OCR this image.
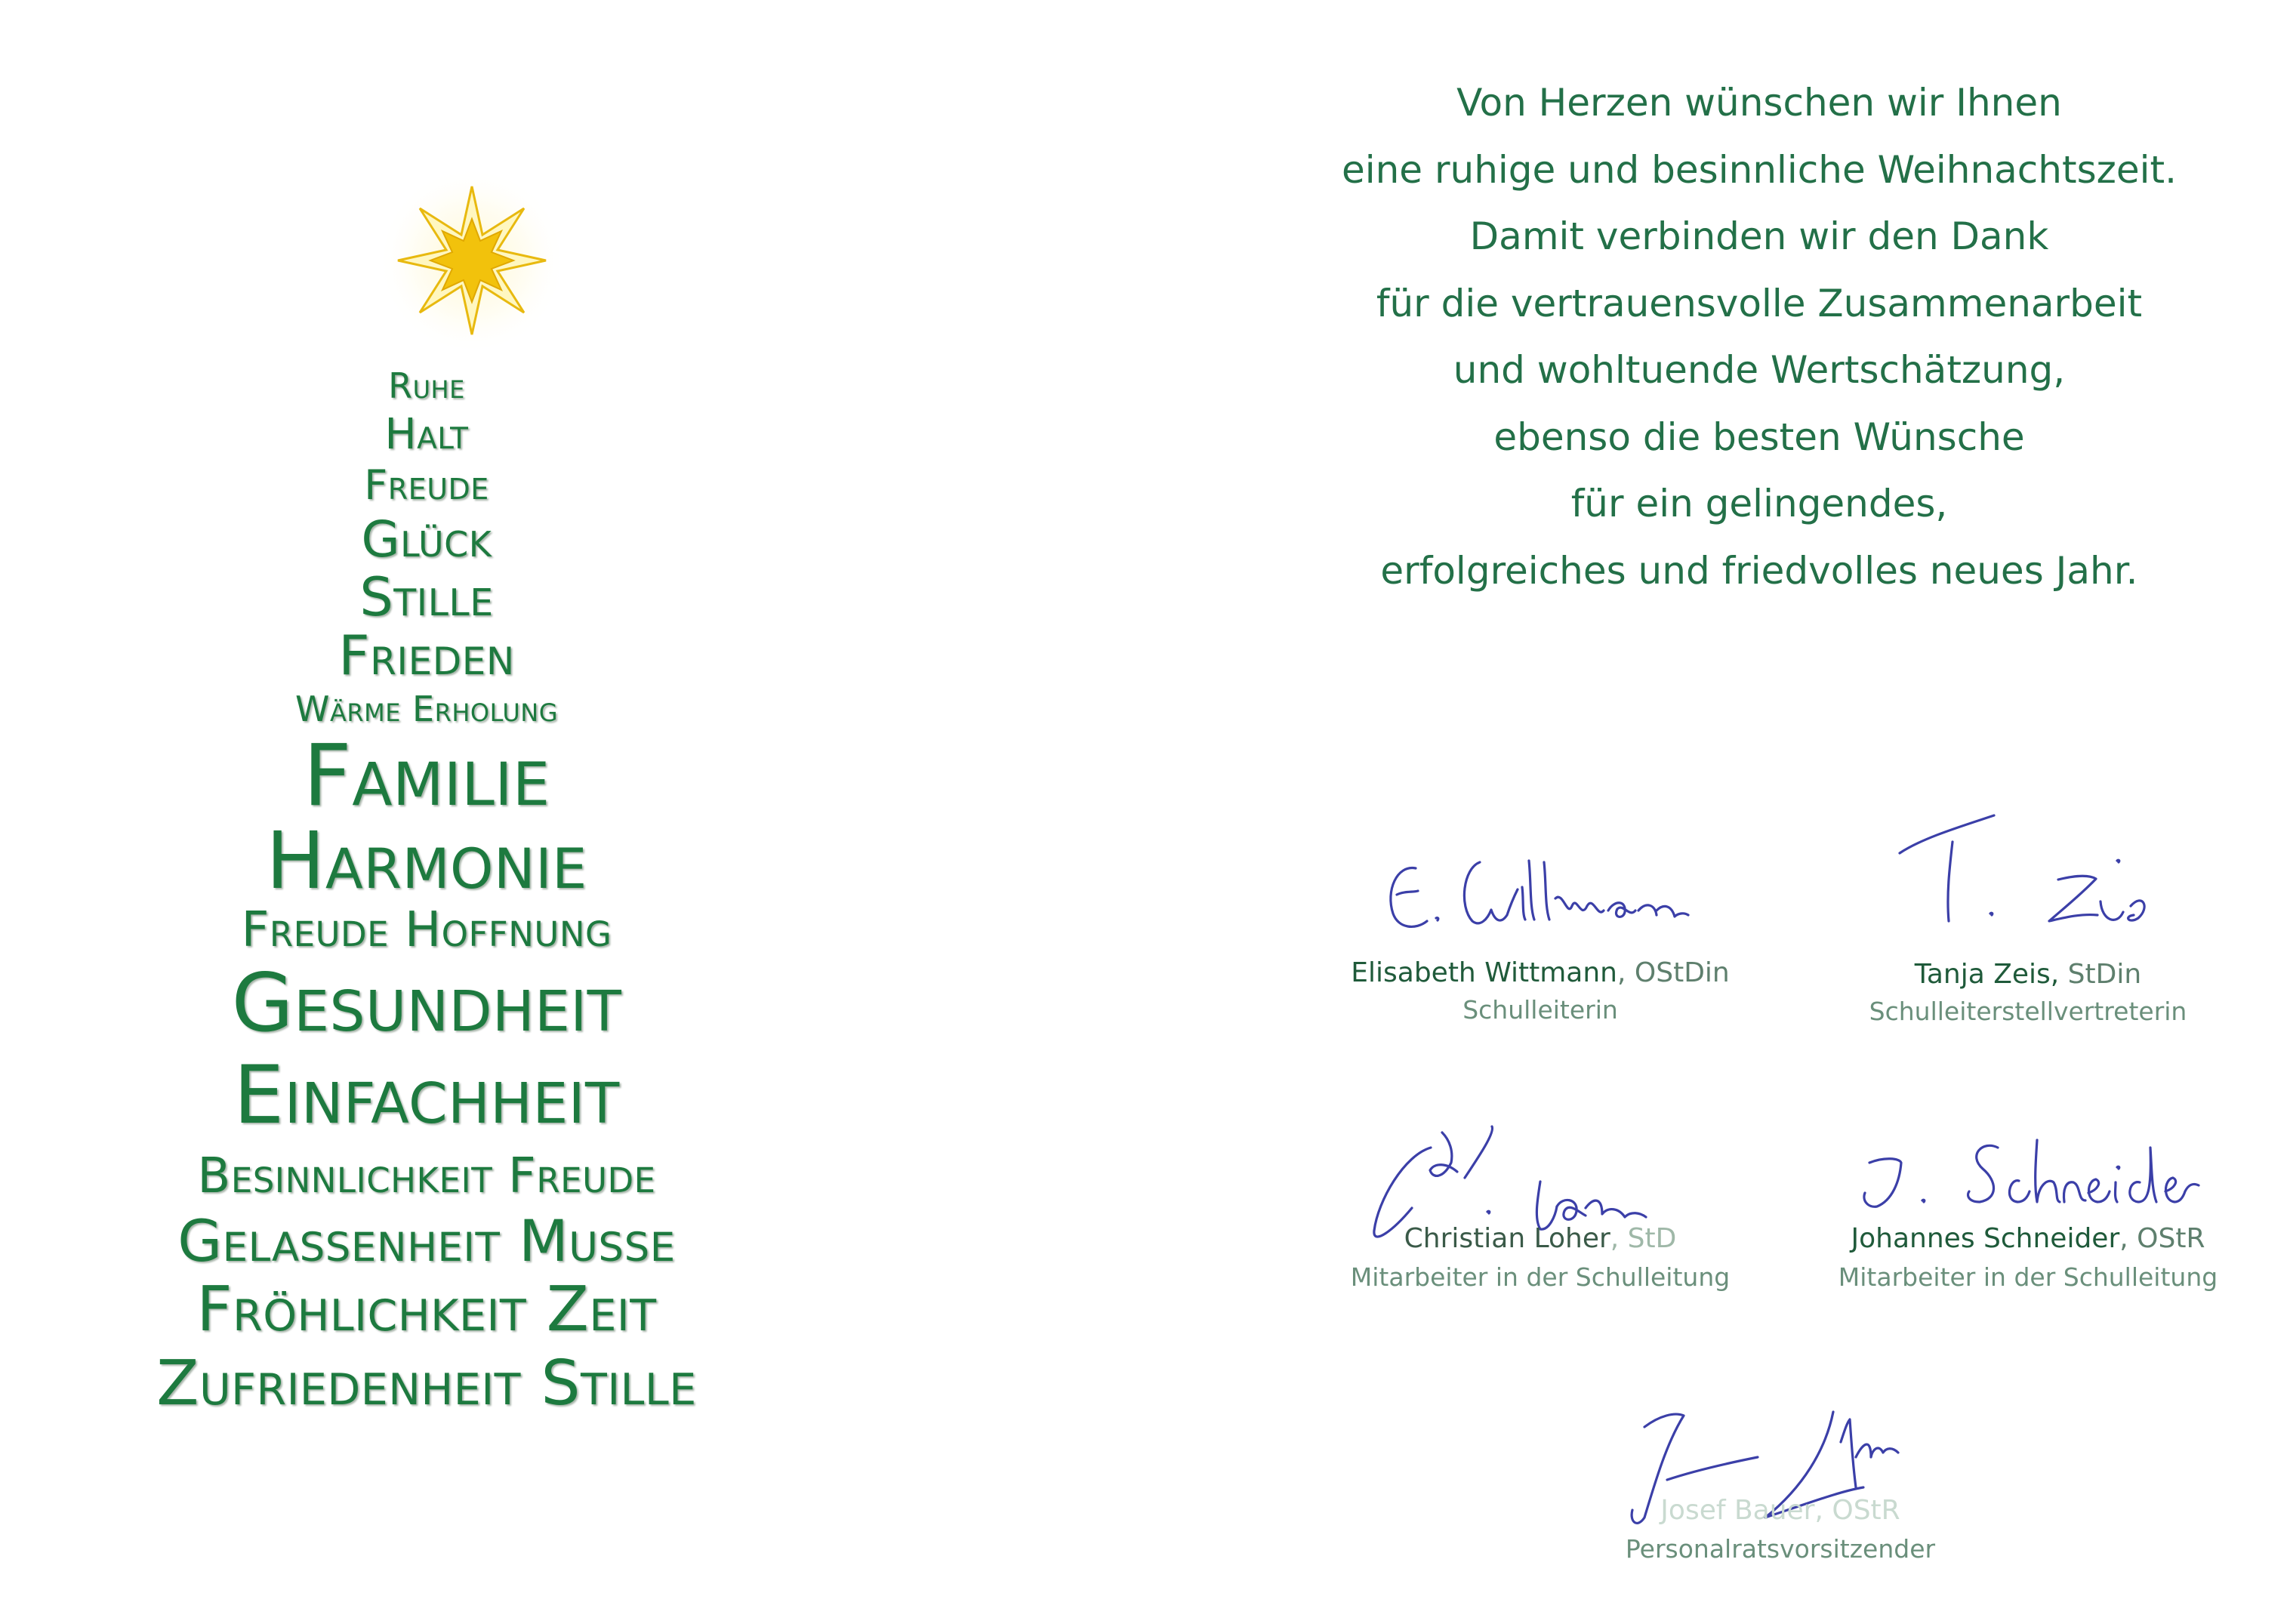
Ruhe
Halt
Freude
Glück
Stille
Frieden
Wärme Erholung
Familie
Harmonie
Freude Hoffnung
Gesundheit
Einfachheit
Besinnlichkeit Freude
Gelassenheit Musse
Fröhlichkeit Zeit
Zufriedenheit Stille
Von Herzen wünschen wir Ihnen
eine ruhige und besinnliche Weihnachtszeit.
Damit verbinden wir den Dank
für die vertrauensvolle Zusammenarbeit
und wohltuende Wertschätzung,
ebenso die besten Wünsche
für ein gelingendes,
erfolgreiches und friedvolles neues Jahr.
Elisabeth Wittmann, OStDin
Schulleiterin
Tanja Zeis, StDin
Schulleiterstellvertreterin
Christian Loher, StD
Mitarbeiter in der Schulleitung
Johannes Schneider, OStR
Mitarbeiter in der Schulleitung
Josef Bauer, OStR
Personalratsvorsitzender
